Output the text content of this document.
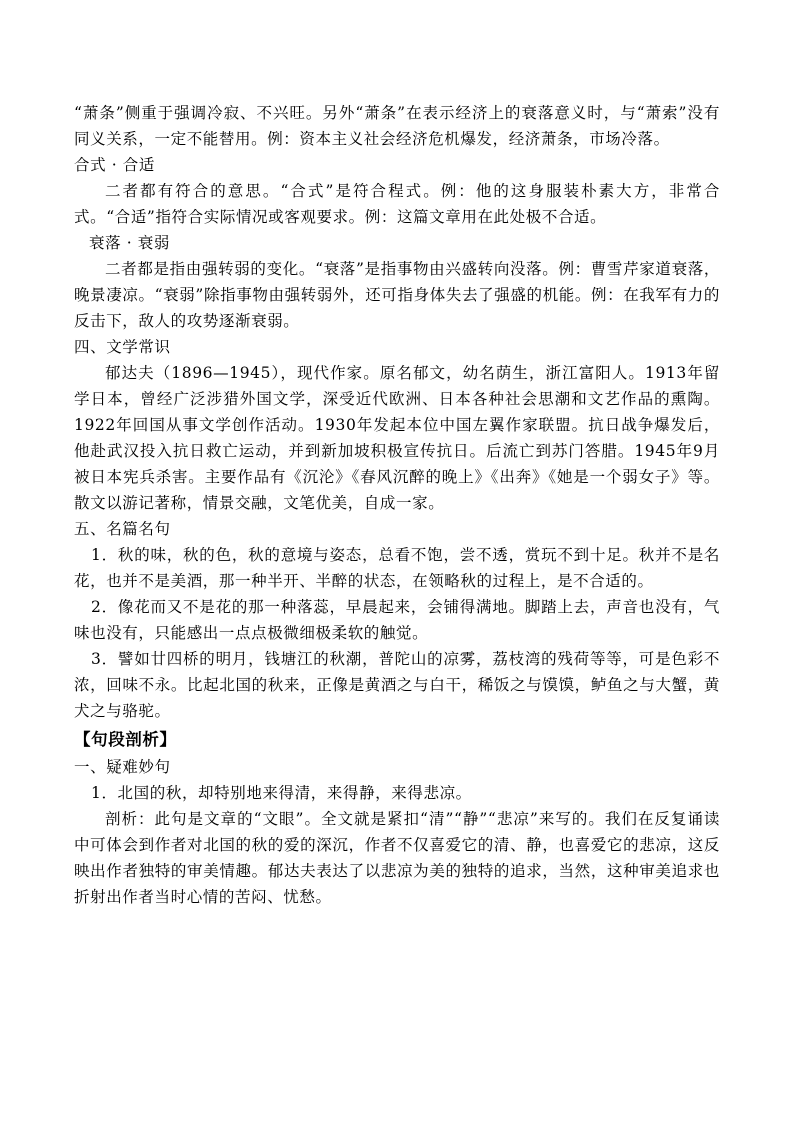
“萧条”侧重于强调冷寂、不兴旺。另外“萧条”在表示经济上的衰落意义时，与“萧索”没有同义关系，一定不能替用。例：资本主义社会经济危机爆发，经济萧条，市场冷落。

合式 · 合适

二者都有符合的意思。“合式”是符合程式。例：他的这身服装朴素大方，非常合式。“合适”指符合实际情况或客观要求。例：这篇文章用在此处极不合适。

衰落 · 衰弱

二者都是指由强转弱的变化。“衰落”是指事物由兴盛转向没落。例：曹雪芹家道衰落，晚景凄凉。“衰弱”除指事物由强转弱外，还可指身体失去了强盛的机能。例：在我军有力的反击下，敌人的攻势逐渐衰弱。

四、文学常识

郁达夫（1896—1945），现代作家。原名郁文，幼名荫生，浙江富阳人。1913年留学日本，曾经广泛涉猎外国文学，深受近代欧洲、日本各种社会思潮和文艺作品的熏陶。1922年回国从事文学创作活动。1930年发起本位中国左翼作家联盟。抗日战争爆发后，他赴武汉投入抗日救亡运动，并到新加坡积极宣传抗日。后流亡到苏门答腊。1945年9月被日本宪兵杀害。主要作品有《沉沦》《春风沉醉的晚上》《出奔》《她是一个弱女子》等。散文以游记著称，情景交融，文笔优美，自成一家。

五、名篇名句

1．秋的味，秋的色，秋的意境与姿态，总看不饱，尝不透，赏玩不到十足。秋并不是名花，也并不是美酒，那一种半开、半醉的状态，在领略秋的过程上，是不合适的。

2．像花而又不是花的那一种落蕊，早晨起来，会铺得满地。脚踏上去，声音也没有，气味也没有，只能感出一点点极微细极柔软的触觉。

3．譬如廿四桥的明月，钱塘江的秋潮，普陀山的凉雾，荔枝湾的残荷等等，可是色彩不浓，回味不永。比起北国的秋来，正像是黄酒之与白干，稀饭之与馍馍，鲈鱼之与大蟹，黄犬之与骆驼。

【句段剖析】

一、疑难妙句

1．北国的秋，却特别地来得清，来得静，来得悲凉。

剖析：此句是文章的“文眼”。全文就是紧扣“清”“静”“悲凉”来写的。我们在反复诵读中可体会到作者对北国的秋的爱的深沉，作者不仅喜爱它的清、静，也喜爱它的悲凉，这反映出作者独特的审美情趣。郁达夫表达了以悲凉为美的独特的追求，当然，这种审美追求也折射出作者当时心情的苦闷、忧愁。
